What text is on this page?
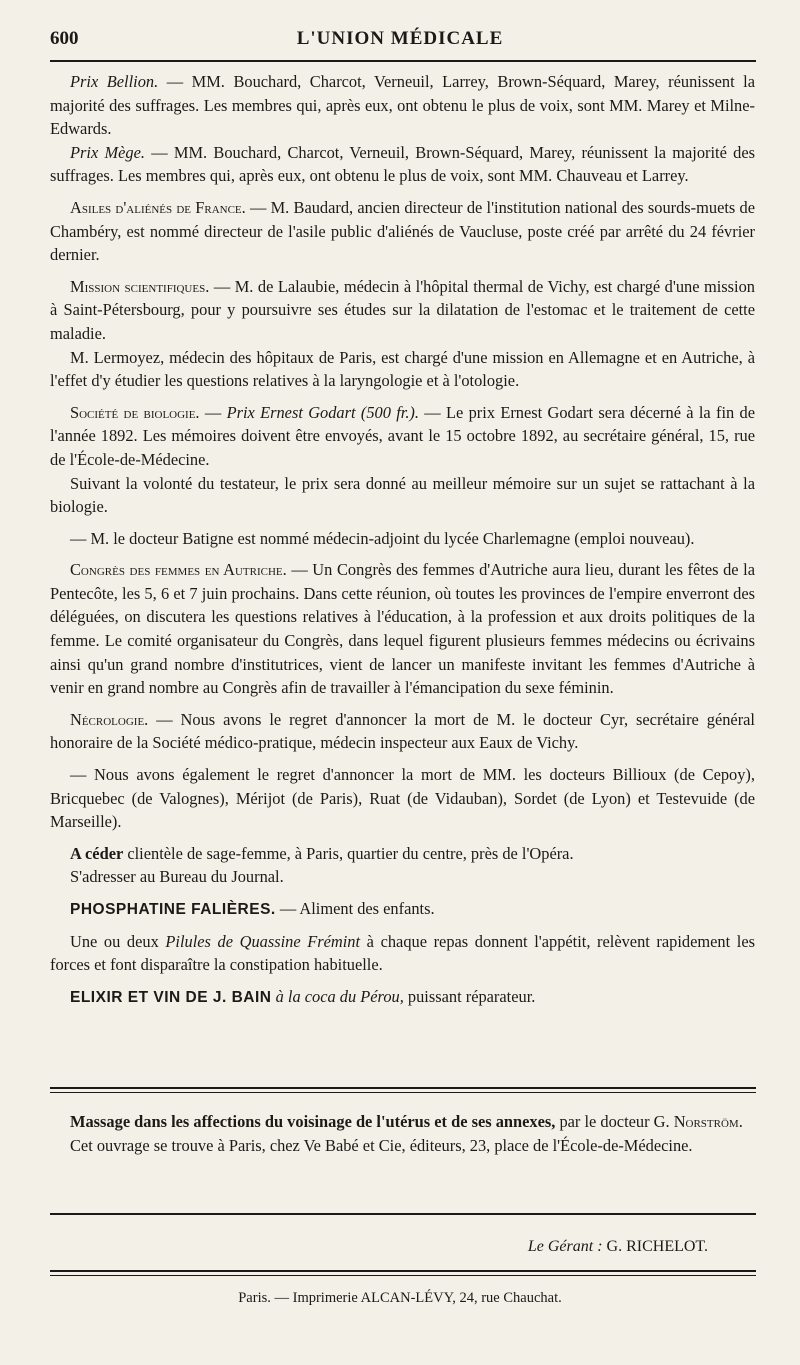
600	L'UNION MÉDICALE

Prix Bellion. — MM. Bouchard, Charcot, Verneuil, Larrey, Brown-Séquard, Marey, réunissent la majorité des suffrages. Les membres qui, après eux, ont obtenu le plus de voix, sont MM. Marey et Milne-Edwards.

Prix Mège. — MM. Bouchard, Charcot, Verneuil, Brown-Séquard, Marey, réunissent la majorité des suffrages. Les membres qui, après eux, ont obtenu le plus de voix, sont MM. Chauveau et Larrey.

Asiles d'aliénés de France. — M. Baudard, ancien directeur de l'institution national des sourds-muets de Chambéry, est nommé directeur de l'asile public d'aliénés de Vaucluse, poste créé par arrêté du 24 février dernier.

Mission scientifiques. — M. de Lalaubie, médecin à l'hôpital thermal de Vichy, est chargé d'une mission à Saint-Pétersbourg, pour y poursuivre ses études sur la dilatation de l'estomac et le traitement de cette maladie.

M. Lermoyez, médecin des hôpitaux de Paris, est chargé d'une mission en Allemagne et en Autriche, à l'effet d'y étudier les questions relatives à la laryngologie et à l'otologie.

Société de biologie. — Prix Ernest Godart (500 fr.). — Le prix Ernest Godart sera décerné à la fin de l'année 1892. Les mémoires doivent être envoyés, avant le 15 octobre 1892, au secrétaire général, 15, rue de l'École-de-Médecine.

Suivant la volonté du testateur, le prix sera donné au meilleur mémoire sur un sujet se rattachant à la biologie.

— M. le docteur Batigne est nommé médecin-adjoint du lycée Charlemagne (emploi nouveau).

Congrès des femmes en Autriche. — Un Congrès des femmes d'Autriche aura lieu, durant les fêtes de la Pentecôte, les 5, 6 et 7 juin prochains. Dans cette réunion, où toutes les provinces de l'empire enverront des déléguées, on discutera les questions relatives à l'éducation, à la profession et aux droits politiques de la femme. Le comité organisateur du Congrès, dans lequel figurent plusieurs femmes médecins ou écrivains ainsi qu'un grand nombre d'institutrices, vient de lancer un manifeste invitant les femmes d'Autriche à venir en grand nombre au Congrès afin de travailler à l'émancipation du sexe féminin.

Nécrologie. — Nous avons le regret d'annoncer la mort de M. le docteur Cyr, secrétaire général honoraire de la Société médico-pratique, médecin inspecteur aux Eaux de Vichy.

— Nous avons également le regret d'annoncer la mort de MM. les docteurs Billioux (de Cepoy), Bricquebec (de Valognes), Mérijot (de Paris), Ruat (de Vidauban), Sordet (de Lyon) et Testevuide (de Marseille).

A céder clientèle de sage-femme, à Paris, quartier du centre, près de l'Opéra.

S'adresser au Bureau du Journal.

PHOSPHATINE FALIÈRES. — Aliment des enfants.

Une ou deux Pilules de Quassine Frémint à chaque repas donnent l'appétit, relèvent rapidement les forces et font disparaître la constipation habituelle.

ELIXIR ET VIN DE J. BAIN à la coca du Pérou, puissant réparateur.

Massage dans les affections du voisinage de l'utérus et de ses annexes, par le docteur G. Norström.

Cet ouvrage se trouve à Paris, chez Ve Babé et Cie, éditeurs, 23, place de l'École-de-Médecine.

Le Gérant : G. RICHELOT.
Paris. — Imprimerie ALCAN-LÉVY, 24, rue Chauchat.
